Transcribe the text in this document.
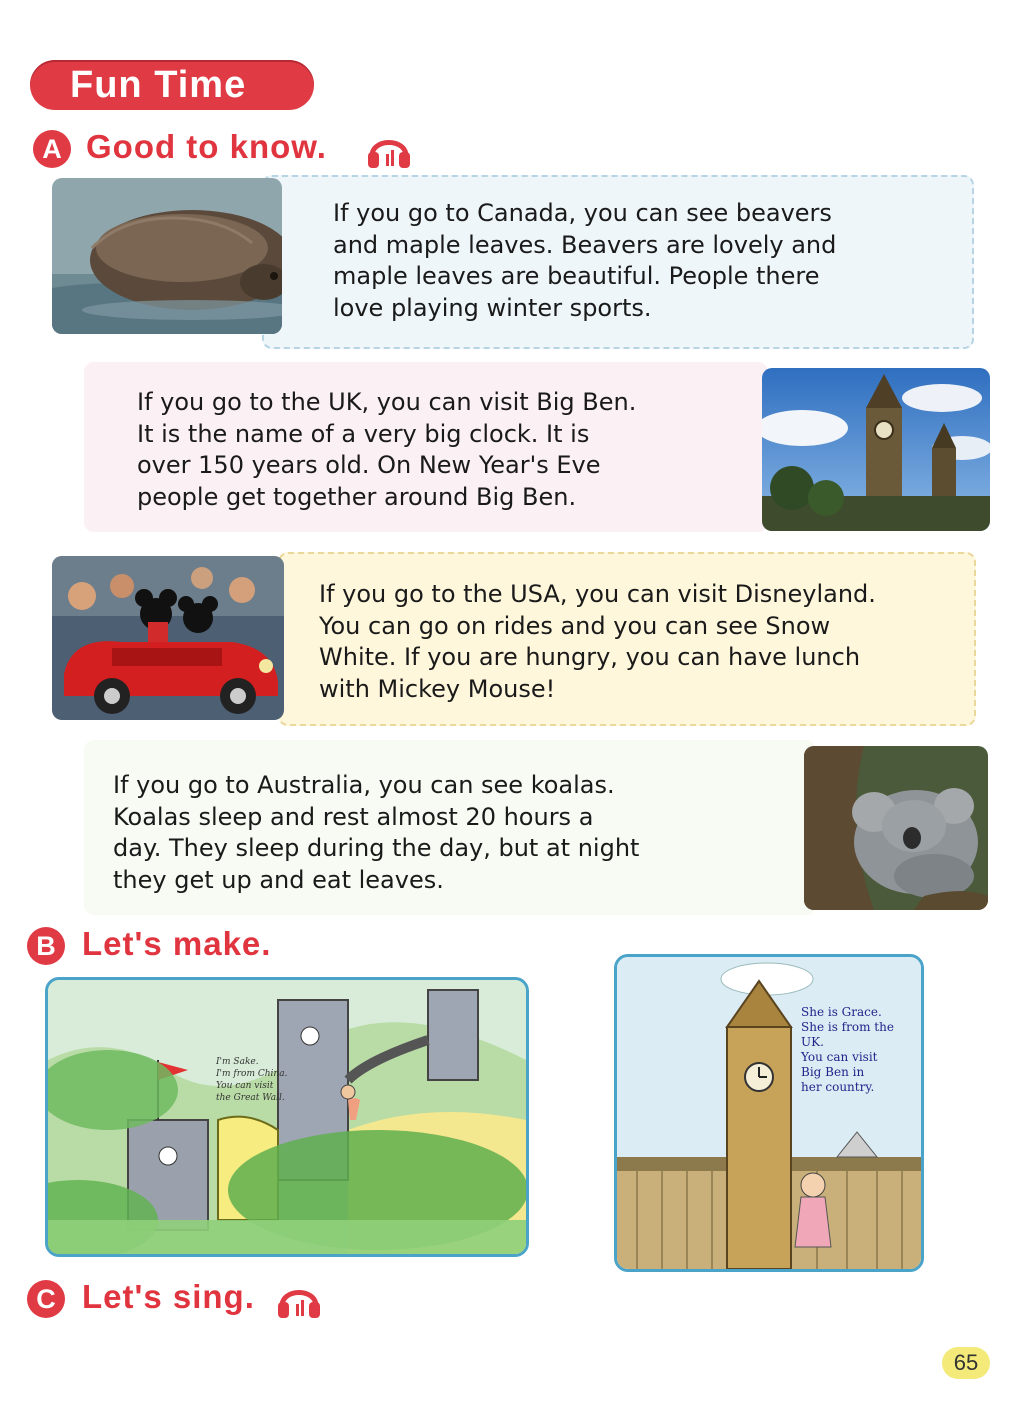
Fun Time
A Good to know.

If you go to Canada, you can see beavers

and maple leaves. Beavers are lovely and

maple leaves are beautiful. People there

love playing winter sports.

If you go to the UK, you can visit Big Ben.

It is the name of a very big clock. It is

over 150 years old. On New Year's Eve

people get together around Big Ben.

If you go to the USA, you can visit Disneyland.

You can go on rides and you can see Snow

White. If you are hungry, you can have lunch

with Mickey Mouse!

If you go to Australia, you can see koalas.

Koalas sleep and rest almost 20 hours a

day. They sleep during the day, but at night

they get up and eat leaves.

B Let's make.
I'm Sake.
I'm from China.
You can visit
the Great Wall.
She is Grace.
She is from the
UK.
You can visit
Big Ben in
her country.
C Let's sing.
65
